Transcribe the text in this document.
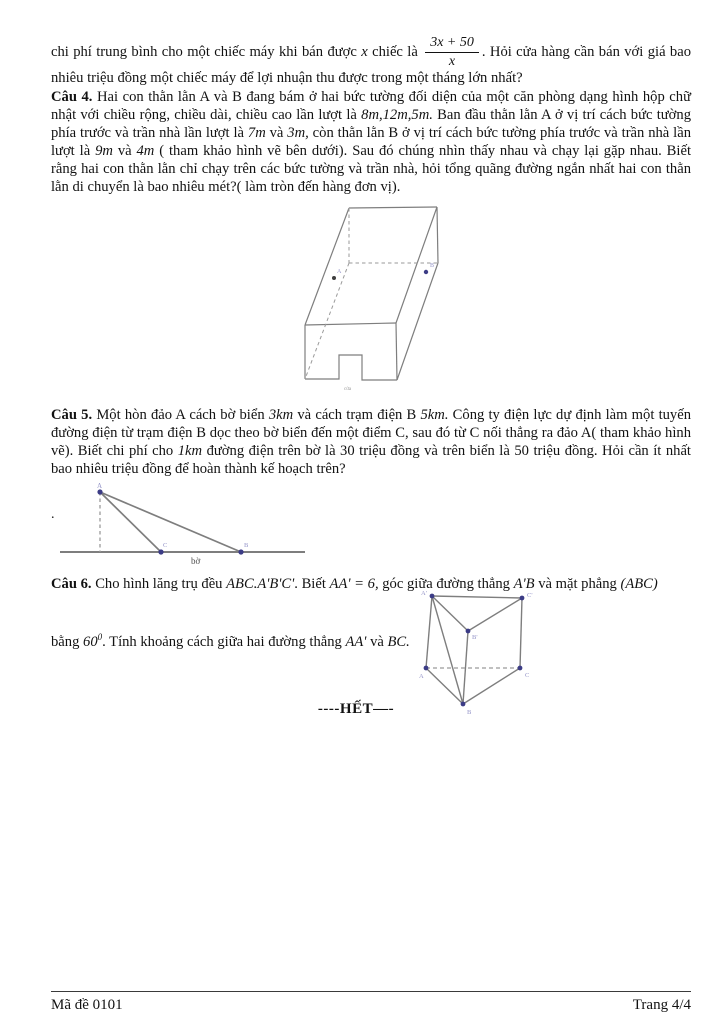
chi phí trung bình cho một chiếc máy khi bán được x chiếc là $\frac{3x + 50}{x}$ . Hỏi cửa hàng cần bán với giá bao nhiêu triệu đồng một chiếc máy để lợi nhuận thu được trong một tháng lớn nhất?

Câu 4. Hai con thằn lằn A và B đang bám ở hai bức tường đối diện của một căn phòng dạng hình hộp chữ nhật với chiều rộng, chiều dài, chiều cao lần lượt là 8m,12m,5m. Ban đầu thằn lằn A ở vị trí cách bức tường phía trước và trần nhà lần lượt là 7m và 3m, còn thằn lằn B ở vị trí cách bức tường phía trước và trần nhà lần lượt là 9m và 4m ( tham khảo hình vẽ bên dưới). Sau đó chúng nhìn thấy nhau và chạy lại gặp nhau. Biết rằng hai con thằn lằn chỉ chạy trên các bức tường và trần nhà, hỏi tổng quãng đường ngắn nhất hai con thằn lằn di chuyển là bao nhiêu mét?( làm tròn đến hàng đơn vị).

A
B
cửa

Câu 5. Một hòn đảo A cách bờ biển 3km và cách trạm điện B 5km. Công ty điện lực dự định làm một tuyến đường điện từ trạm điện B dọc theo bờ biển đến một điểm C, sau đó từ C nối thẳng ra đảo A( tham khảo hình vẽ). Biết chi phí cho 1km đường điện trên bờ là 30 triệu đồng và trên biển là 50 triệu đồng. Hỏi cần ít nhất bao nhiêu triệu đồng để hoàn thành kế hoạch trên?

.
A
C	B
bờ

Câu 6. Cho hình lăng trụ đều ABC.A'B'C'. Biết AA' = 6, góc giữa đường thẳng A'B và mặt phẳng (ABC)

bằng $60^0$. Tính khoảng cách giữa hai đường thẳng AA' và BC.

A'	C'
B'
A	C
B

----HẾT—-

Mã đề 0101	Trang 4/4
